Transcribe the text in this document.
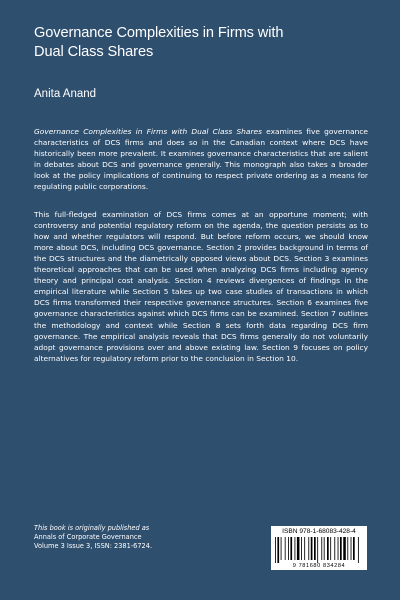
Governance Complexities in Firms with
Dual Class Shares

Anita Anand

Governance Complexities in Firms with Dual Class Shares examines five governance characteristics of DCS firms and does so in the Canadian context where DCS have historically been more prevalent. It examines governance characteristics that are salient in debates about DCS and governance generally. This monograph also takes a broader look at the policy implications of continuing to respect private ordering as a means for regulating public corporations.

This full-fledged examination of DCS firms comes at an opportune moment; with controversy and potential regulatory reform on the agenda, the question persists as to how and whether regulators will respond. But before reform occurs, we should know more about DCS, including DCS governance. Section 2 provides background in terms of the DCS structures and the diametrically opposed views about DCS. Section 3 examines theoretical approaches that can be used when analyzing DCS firms including agency theory and principal cost analysis. Section 4 reviews divergences of findings in the empirical literature while Section 5 takes up two case studies of transactions in which DCS firms transformed their respective governance structures. Section 6 examines five governance characteristics against which DCS firms can be examined. Section 7 outlines the methodology and context while Section 8 sets forth data regarding DCS firm governance. The empirical analysis reveals that DCS firms generally do not voluntarily adopt governance provisions over and above existing law. Section 9 focuses on policy alternatives for regulatory reform prior to the conclusion in Section 10.

This book is originally published as
Annals of Corporate Governance
Volume 3 Issue 3, ISSN: 2381-6724.
ISBN 978-1-68083-428-4
9 781680 834284
